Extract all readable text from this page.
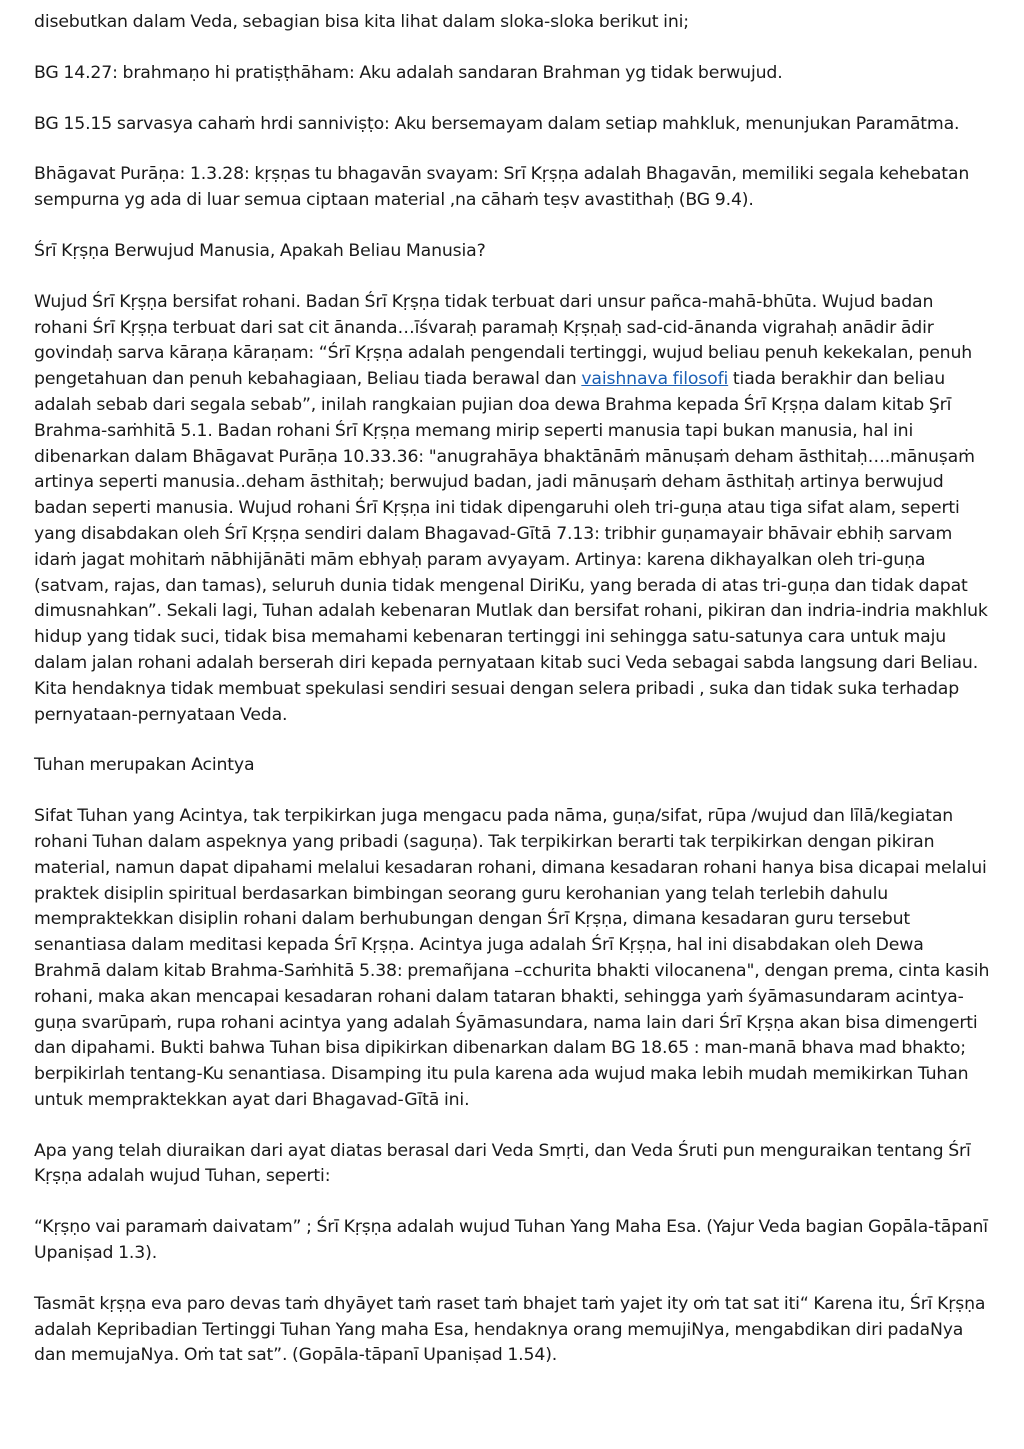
disebutkan dalam Veda, sebagian bisa kita lihat dalam sloka-sloka berikut ini;

BG 14.27: brahmaṇo hi pratiṣṭhāham: Aku adalah sandaran Brahman yg tidak berwujud.

BG 15.15 sarvasya cahaṁ hrdi sanniviṣṭo: Aku bersemayam dalam setiap mahkluk, menunjukan Paramātma.

Bhāgavat Purāṇa: 1.3.28: kṛṣṇas tu bhagavān svayam: Srī Kṛṣṇa adalah Bhagavān, memiliki segala kehebatan sempurna yg ada di luar semua ciptaan material ,na cāhaṁ teṣv avastithaḥ (BG 9.4).

Śrī Kṛṣṇa Berwujud Manusia, Apakah Beliau Manusia?

Wujud Śrī Kṛṣṇa bersifat rohani. Badan Śrī Kṛṣṇa tidak terbuat dari unsur pañca-mahā-bhūta. Wujud badan rohani Śrī Kṛṣṇa terbuat dari sat cit ānanda…īśvaraḥ paramaḥ Kṛṣṇaḥ sad-cid-ānanda vigrahaḥ anādir ādir govindaḥ sarva kāraṇa kāraṇam: “Śrī Kṛṣṇa adalah pengendali tertinggi, wujud beliau penuh kekekalan, penuh pengetahuan dan penuh kebahagiaan, Beliau tiada berawal dan vaishnava filosofi tiada berakhir dan beliau adalah sebab dari segala sebab”, inilah rangkaian pujian doa dewa Brahma kepada Śrī Kṛṣṇa dalam kitab Şrī Brahma-saṁhitā 5.1. Badan rohani Śrī Kṛṣṇa memang mirip seperti manusia tapi bukan manusia, hal ini dibenarkan dalam Bhāgavat Purāṇa 10.33.36: "anugrahāya bhaktānāṁ mānuṣaṁ deham āsthitaḥ….mānuṣaṁ artinya seperti manusia..deham āsthitaḥ; berwujud badan, jadi mānuṣaṁ deham āsthitaḥ artinya berwujud badan seperti manusia. Wujud rohani Śrī Kṛṣṇa ini tidak dipengaruhi oleh tri-guṇa atau tiga sifat alam, seperti yang disabdakan oleh Śrī Kṛṣṇa sendiri dalam Bhagavad-Gītā 7.13: tribhir guṇamayair bhāvair ebhiḥ sarvam idaṁ jagat mohitaṁ nābhijānāti mām ebhyaḥ param avyayam. Artinya: karena dikhayalkan oleh tri-guṇa (satvam, rajas, dan tamas), seluruh dunia tidak mengenal DiriKu, yang berada di atas tri-guṇa dan tidak dapat dimusnahkan”. Sekali lagi, Tuhan adalah kebenaran Mutlak dan bersifat rohani, pikiran dan indria-indria makhluk hidup yang tidak suci, tidak bisa memahami kebenaran tertinggi ini sehingga satu-satunya cara untuk maju dalam jalan rohani adalah berserah diri kepada pernyataan kitab suci Veda sebagai sabda langsung dari Beliau. Kita hendaknya tidak membuat spekulasi sendiri sesuai dengan selera pribadi , suka dan tidak suka terhadap pernyataan-pernyataan Veda.

Tuhan merupakan Acintya

Sifat Tuhan yang Acintya, tak terpikirkan juga mengacu pada nāma, guṇa/sifat, rūpa /wujud dan līlā/kegiatan rohani Tuhan dalam aspeknya yang pribadi (saguṇa). Tak terpikirkan berarti tak terpikirkan dengan pikiran material, namun dapat dipahami melalui kesadaran rohani, dimana kesadaran rohani hanya bisa dicapai melalui praktek disiplin spiritual berdasarkan bimbingan seorang guru kerohanian yang telah terlebih dahulu mempraktekkan disiplin rohani dalam berhubungan dengan Śrī Kṛṣṇa, dimana kesadaran guru tersebut senantiasa dalam meditasi kepada Śrī Kṛṣṇa. Acintya juga adalah Śrī Kṛṣṇa, hal ini disabdakan oleh Dewa Brahmā dalam kitab Brahma-Saṁhitā 5.38: premañjana –cchurita bhakti vilocanena", dengan prema, cinta kasih rohani, maka akan mencapai kesadaran rohani dalam tataran bhakti, sehingga yaṁ śyāmasundaram acintya-guṇa svarūpaṁ, rupa rohani acintya yang adalah Śyāmasundara, nama lain dari Śrī Kṛṣṇa akan bisa dimengerti dan dipahami. Bukti bahwa Tuhan bisa dipikirkan dibenarkan dalam BG 18.65 : man-manā bhava mad bhakto; berpikirlah tentang-Ku senantiasa. Disamping itu pula karena ada wujud maka lebih mudah memikirkan Tuhan untuk mempraktekkan ayat dari Bhagavad-Gītā ini.

Apa yang telah diuraikan dari ayat diatas berasal dari Veda Smṛti, dan Veda Śruti pun menguraikan tentang Śrī Kṛṣṇa adalah wujud Tuhan, seperti:

“Kṛṣṇo vai paramaṁ daivatam” ; Śrī Kṛṣṇa adalah wujud Tuhan Yang Maha Esa. (Yajur Veda bagian Gopāla-tāpanī Upaniṣad 1.3).

Tasmāt kṛṣṇa eva paro devas taṁ dhyāyet taṁ raset taṁ bhajet taṁ yajet ity oṁ tat sat iti“ Karena itu, Śrī Kṛṣṇa adalah Kepribadian Tertinggi Tuhan Yang maha Esa, hendaknya orang memujiNya, mengabdikan diri padaNya dan memujaNya. Oṁ tat sat”. (Gopāla-tāpanī Upaniṣad 1.54).
